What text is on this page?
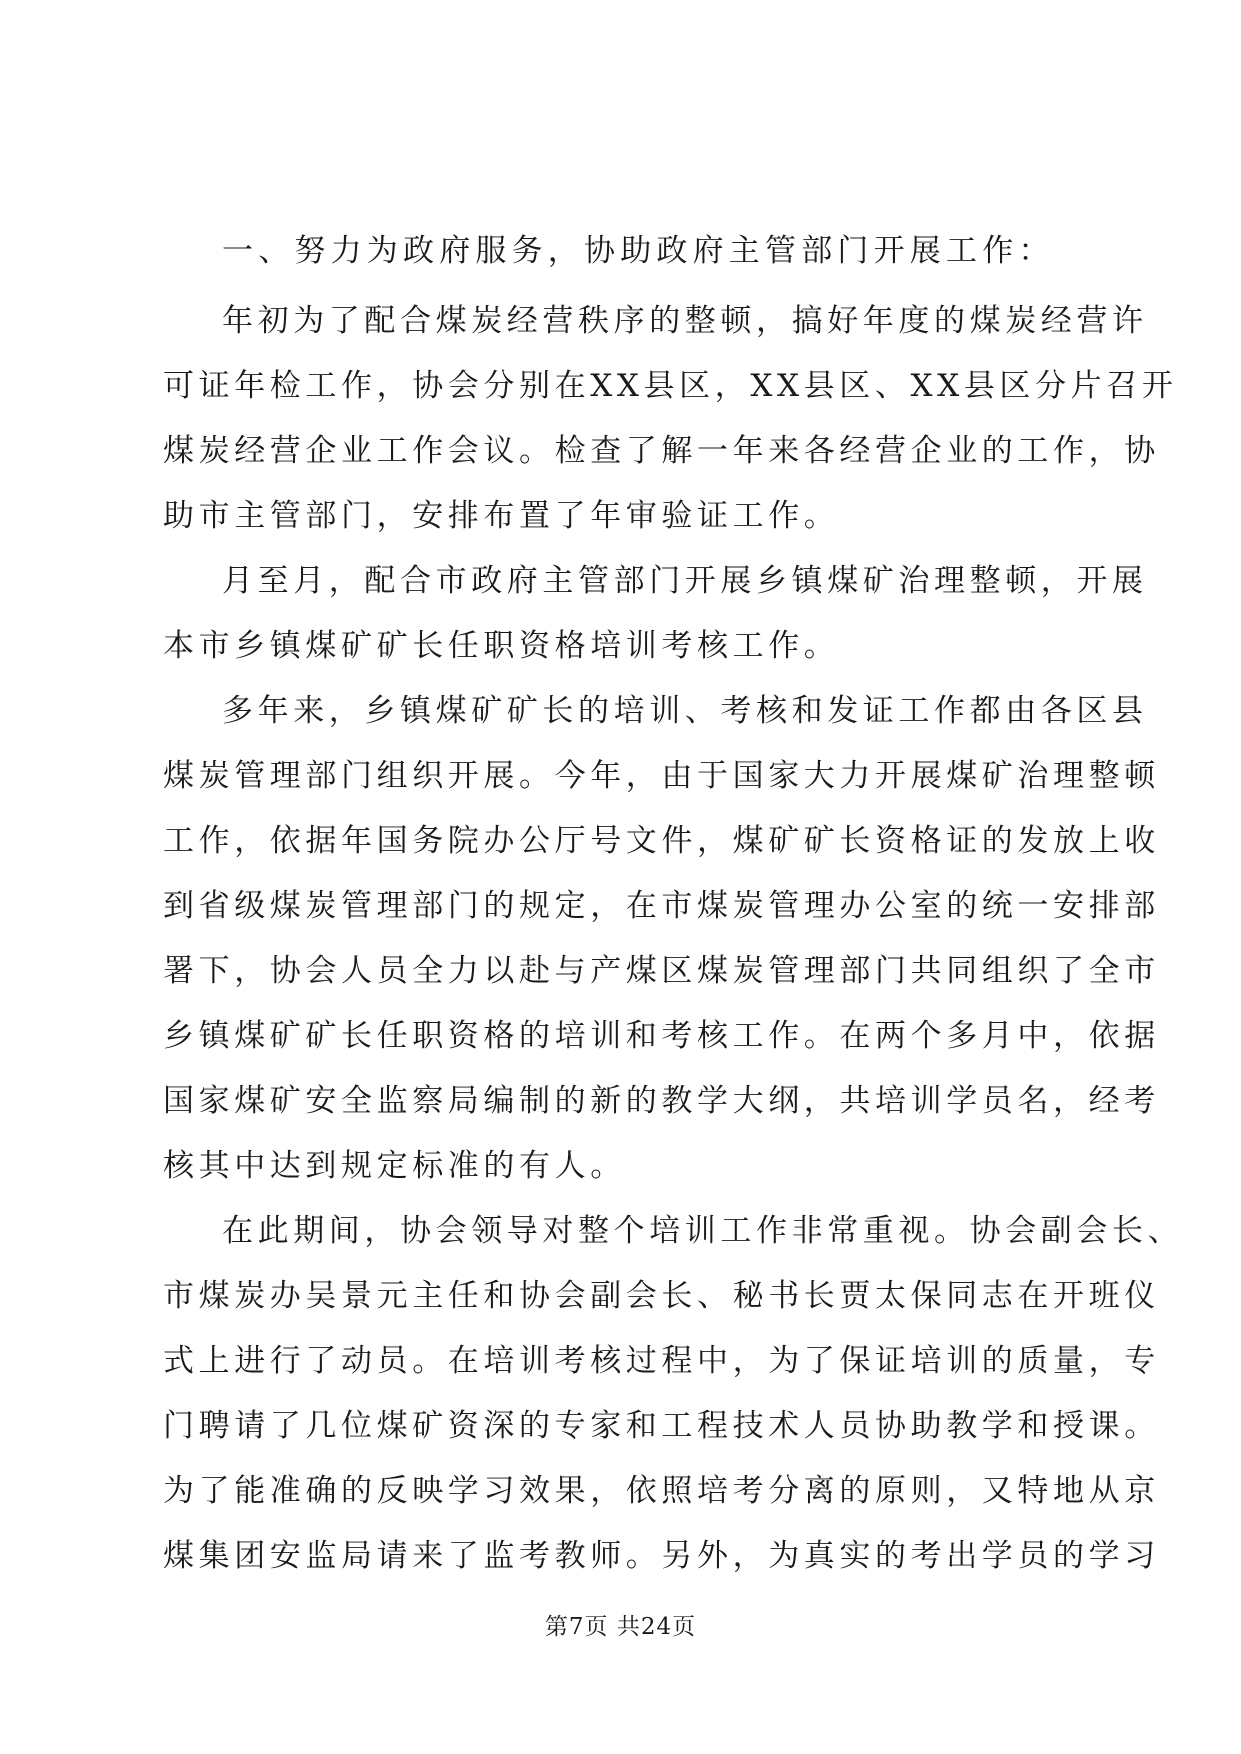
一、努力为政府服务，协助政府主管部门开展工作：
年初为了配合煤炭经营秩序的整顿，搞好年度的煤炭经营许
可证年检工作，协会分别在XX县区，XX县区、XX县区分片召开
煤炭经营企业工作会议。检查了解一年来各经营企业的工作，协
助市主管部门，安排布置了年审验证工作。
月至月，配合市政府主管部门开展乡镇煤矿治理整顿，开展
本市乡镇煤矿矿长任职资格培训考核工作。
多年来，乡镇煤矿矿长的培训、考核和发证工作都由各区县
煤炭管理部门组织开展。今年，由于国家大力开展煤矿治理整顿
工作，依据年国务院办公厅号文件，煤矿矿长资格证的发放上收
到省级煤炭管理部门的规定，在市煤炭管理办公室的统一安排部
署下，协会人员全力以赴与产煤区煤炭管理部门共同组织了全市
乡镇煤矿矿长任职资格的培训和考核工作。在两个多月中，依据
国家煤矿安全监察局编制的新的教学大纲，共培训学员名，经考
核其中达到规定标准的有人。
在此期间，协会领导对整个培训工作非常重视。协会副会长、
市煤炭办吴景元主任和协会副会长、秘书长贾太保同志在开班仪
式上进行了动员。在培训考核过程中，为了保证培训的质量，专
门聘请了几位煤矿资深的专家和工程技术人员协助教学和授课。
为了能准确的反映学习效果，依照培考分离的原则，又特地从京
煤集团安监局请来了监考教师。另外，为真实的考出学员的学习
第7页 共24页
